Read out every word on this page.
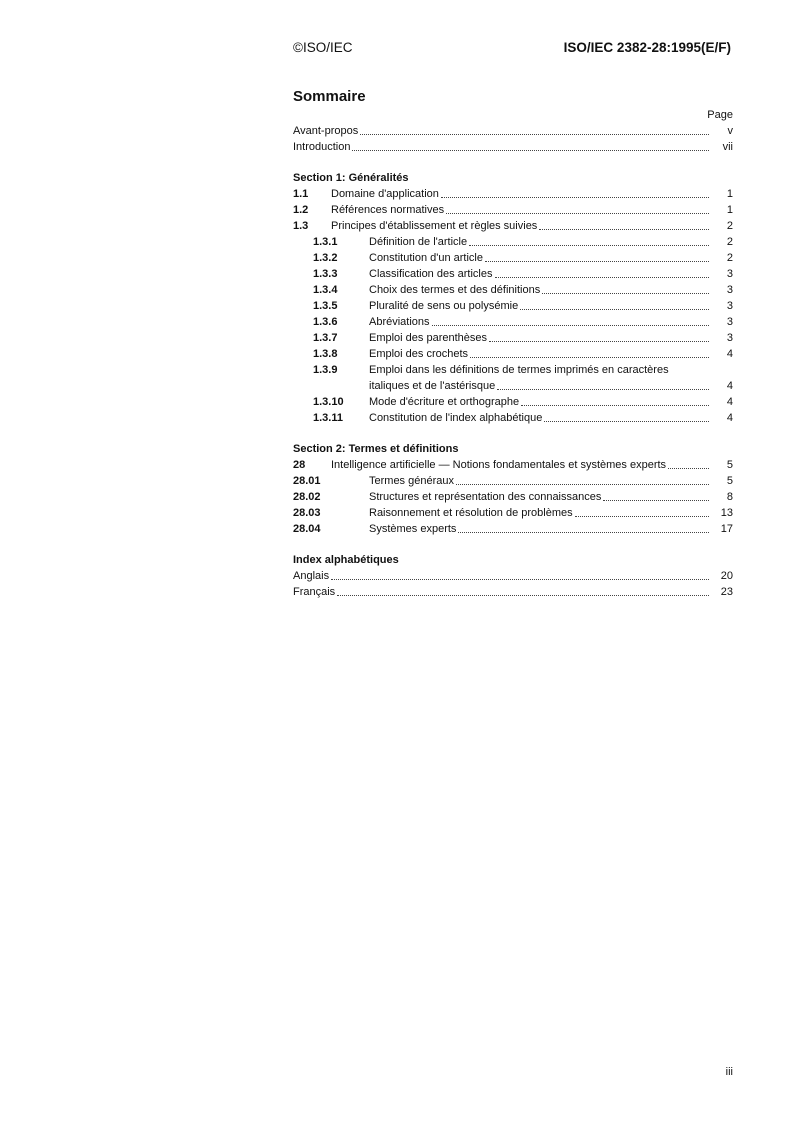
©ISO/IEC	ISO/IEC 2382-28:1995(E/F)
Sommaire
Page
Avant-propos	v
Introduction	vii
Section 1: Généralités
1.1	Domaine d'application	1
1.2	Références normatives	1
1.3	Principes d'établissement et règles suivies	2
1.3.1	Définition de l'article	2
1.3.2	Constitution d'un article	2
1.3.3	Classification des articles	3
1.3.4	Choix des termes et des définitions	3
1.3.5	Pluralité de sens ou polysémie	3
1.3.6	Abréviations	3
1.3.7	Emploi des parenthèses	3
1.3.8	Emploi des crochets	4
1.3.9	Emploi dans les définitions de termes imprimés en caractères
italiques et de l'astérisque	4
1.3.10	Mode d'écriture et orthographe	4
1.3.11	Constitution de l'index alphabétique	4
Section 2: Termes et définitions
28	Intelligence artificielle — Notions fondamentales et systèmes experts	5
28.01	Termes généraux	5
28.02	Structures et représentation des connaissances	8
28.03	Raisonnement et résolution de problèmes	13
28.04	Systèmes experts	17
Index alphabétiques
Anglais	20
Français	23
iii
